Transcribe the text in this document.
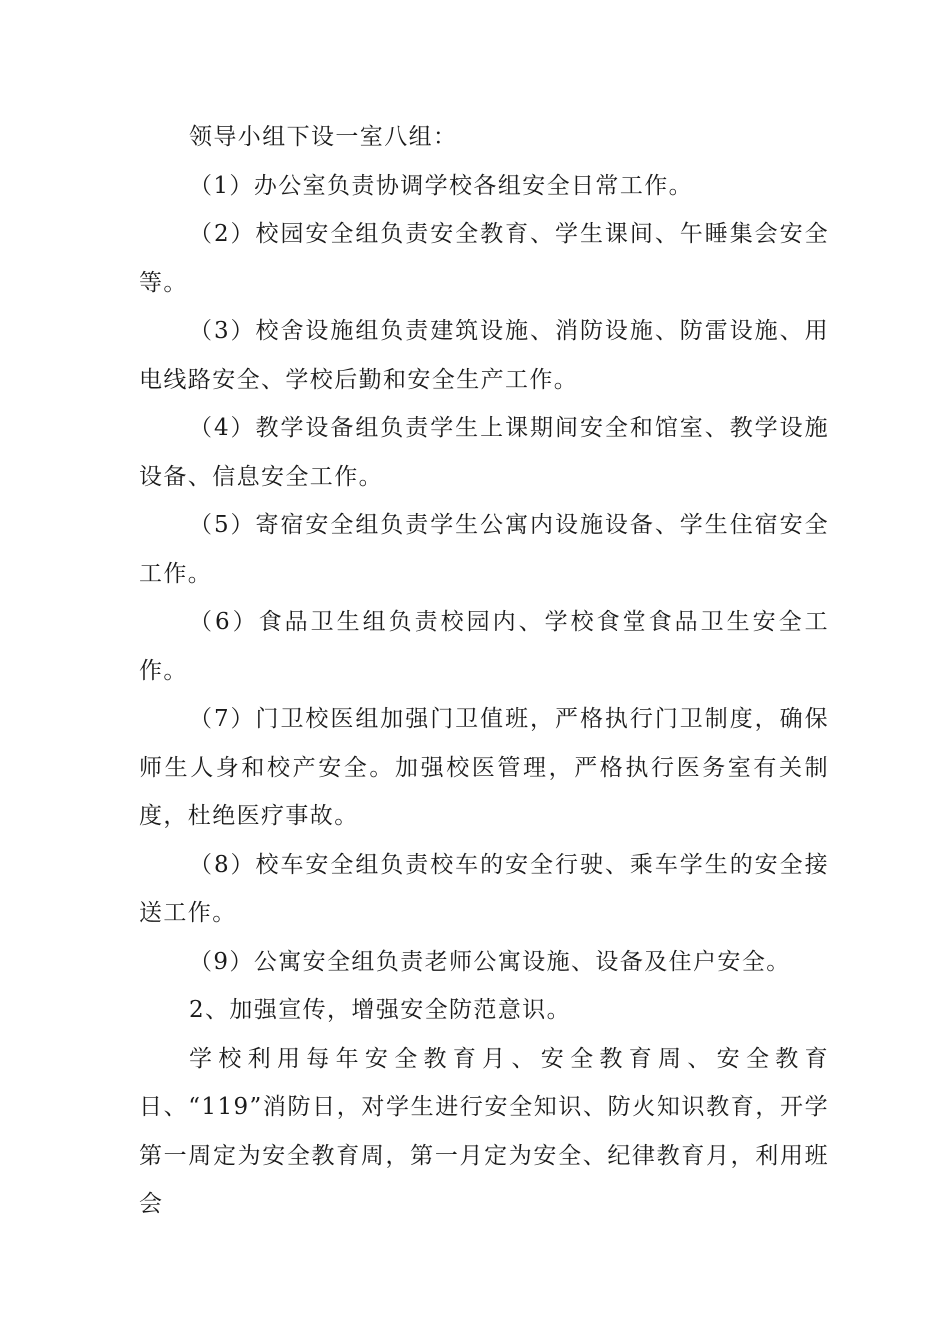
领导小组下设一室八组：

（1）办公室负责协调学校各组安全日常工作。

（2）校园安全组负责安全教育、学生课间、午睡集会安全等。

（3）校舍设施组负责建筑设施、消防设施、防雷设施、用电线路安全、学校后勤和安全生产工作。

（4）教学设备组负责学生上课期间安全和馆室、教学设施设备、信息安全工作。

（5）寄宿安全组负责学生公寓内设施设备、学生住宿安全工作。

（6）食品卫生组负责校园内、学校食堂食品卫生安全工作。

（7）门卫校医组加强门卫值班，严格执行门卫制度，确保师生人身和校产安全。加强校医管理，严格执行医务室有关制度，杜绝医疗事故。

（8）校车安全组负责校车的安全行驶、乘车学生的安全接送工作。

（9）公寓安全组负责老师公寓设施、设备及住户安全。

2、加强宣传，增强安全防范意识。

学校利用每年安全教育月、安全教育周、安全教育日、“119”消防日，对学生进行安全知识、防火知识教育，开学第一周定为安全教育周，第一月定为安全、纪律教育月，利用班会
